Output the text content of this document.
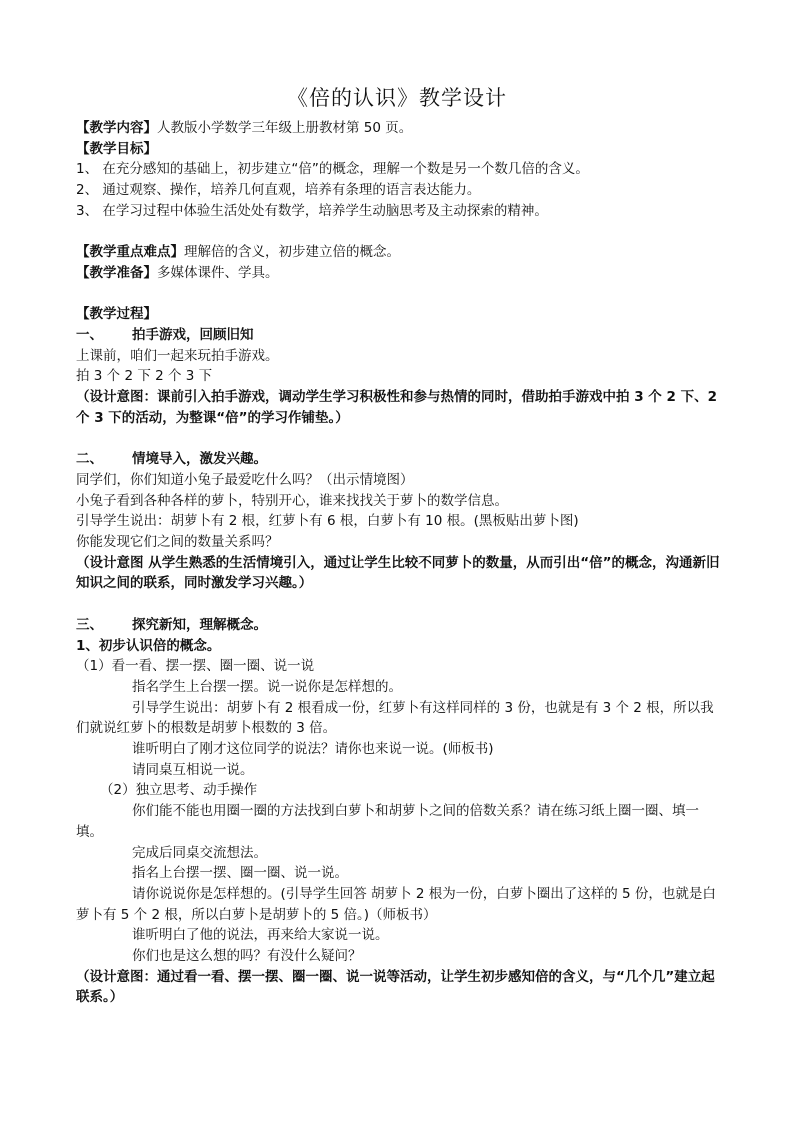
《倍的认识》教学设计
【教学内容】人教版小学数学三年级上册教材第 50 页。
【教学目标】
1、 在充分感知的基础上，初步建立“倍”的概念，理解一个数是另一个数几倍的含义。
2、 通过观察、操作，培养几何直观，培养有条理的语言表达能力。
3、 在学习过程中体验生活处处有数学，培养学生动脑思考及主动探索的精神。
【教学重点难点】理解倍的含义，初步建立倍的概念。
【教学准备】多媒体课件、学具。
【教学过程】
一、 拍手游戏，回顾旧知
上课前，咱们一起来玩拍手游戏。
拍 3 个 2 下 2 个 3 下
（设计意图：课前引入拍手游戏，调动学生学习积极性和参与热情的同时，借助拍手游戏中拍 3 个 2 下、2 个 3 下的活动，为整课“倍”的学习作铺垫。）
二、 情境导入，激发兴趣。
同学们，你们知道小兔子最爱吃什么吗？（出示情境图）
小兔子看到各种各样的萝卜，特别开心，谁来找找关于萝卜的数学信息。
引导学生说出：胡萝卜有 2 根，红萝卜有 6 根，白萝卜有 10 根。(黑板贴出萝卜图)
你能发现它们之间的数量关系吗？
（设计意图 从学生熟悉的生活情境引入，通过让学生比较不同萝卜的数量，从而引出“倍”的概念，沟通新旧知识之间的联系，同时激发学习兴趣。）
三、 探究新知，理解概念。
1、初步认识倍的概念。
（1）看一看、摆一摆、圈一圈、说一说
指名学生上台摆一摆。说一说你是怎样想的。
引导学生说出：胡萝卜有 2 根看成一份，红萝卜有这样同样的 3 份，也就是有 3 个 2 根，所以我们就说红萝卜的根数是胡萝卜根数的 3 倍。
谁听明白了刚才这位同学的说法？请你也来说一说。(师板书)
请同桌互相说一说。
（2）独立思考、动手操作
你们能不能也用圈一圈的方法找到白萝卜和胡萝卜之间的倍数关系？请在练习纸上圈一圈、填一填。
完成后同桌交流想法。
指名上台摆一摆、圈一圈、说一说。
请你说说你是怎样想的。(引导学生回答 胡萝卜 2 根为一份，白萝卜圈出了这样的 5 份，也就是白萝卜有 5 个 2 根，所以白萝卜是胡萝卜的 5 倍。)（师板书）
谁听明白了他的说法，再来给大家说一说。
你们也是这么想的吗？有没什么疑问？
（设计意图：通过看一看、摆一摆、圈一圈、说一说等活动，让学生初步感知倍的含义，与“几个几”建立起联系。）
